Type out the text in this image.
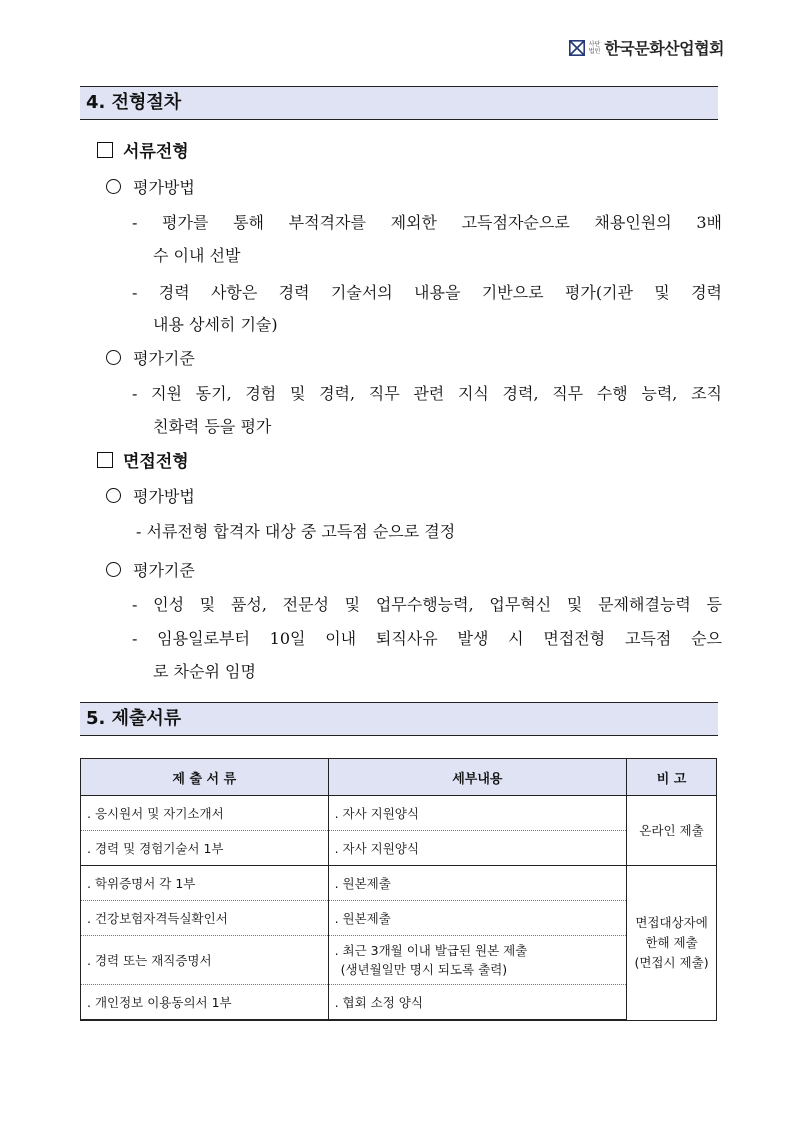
사단
법인 한국문화산업협회
4. 전형절차
서류전형
평가방법
- 평가를 통해 부적격자를 제외한 고득점자순으로 채용인원의 3배
수 이내 선발
- 경력 사항은 경력 기술서의 내용을 기반으로 평가(기관 및 경력
내용 상세히 기술)
평가기준
- 지원 동기, 경험 및 경력, 직무 관련 지식 경력, 직무 수행 능력, 조직
친화력 등을 평가
면접전형
평가방법
- 서류전형 합격자 대상 중 고득점 순으로 결정
평가기준
- 인성 및 품성, 전문성 및 업무수행능력, 업무혁신 및 문제해결능력 등
- 임용일로부터 10일 이내 퇴직사유 발생 시 면접전형 고득점 순으
로 차순위 임명
5. 제출서류
제 출 서 류	세부내용	비 고
. 응시원서 및 자기소개서	. 자사 지원양식	온라인 제출
. 경력 및 경험기술서 1부	. 자사 지원양식	
. 학위증명서 각 1부	. 원본제출	면접대상자에
한해 제출
(면접시 제출)

. 건강보험자격득실확인서	. 원본제출	
. 경력 또는 재직증명서	. 최근 3개월 이내 발급된 원본 제출
(생년월일만 명시 되도록 출력)	

. 개인정보 이용동의서 1부	. 협회 소정 양식	
